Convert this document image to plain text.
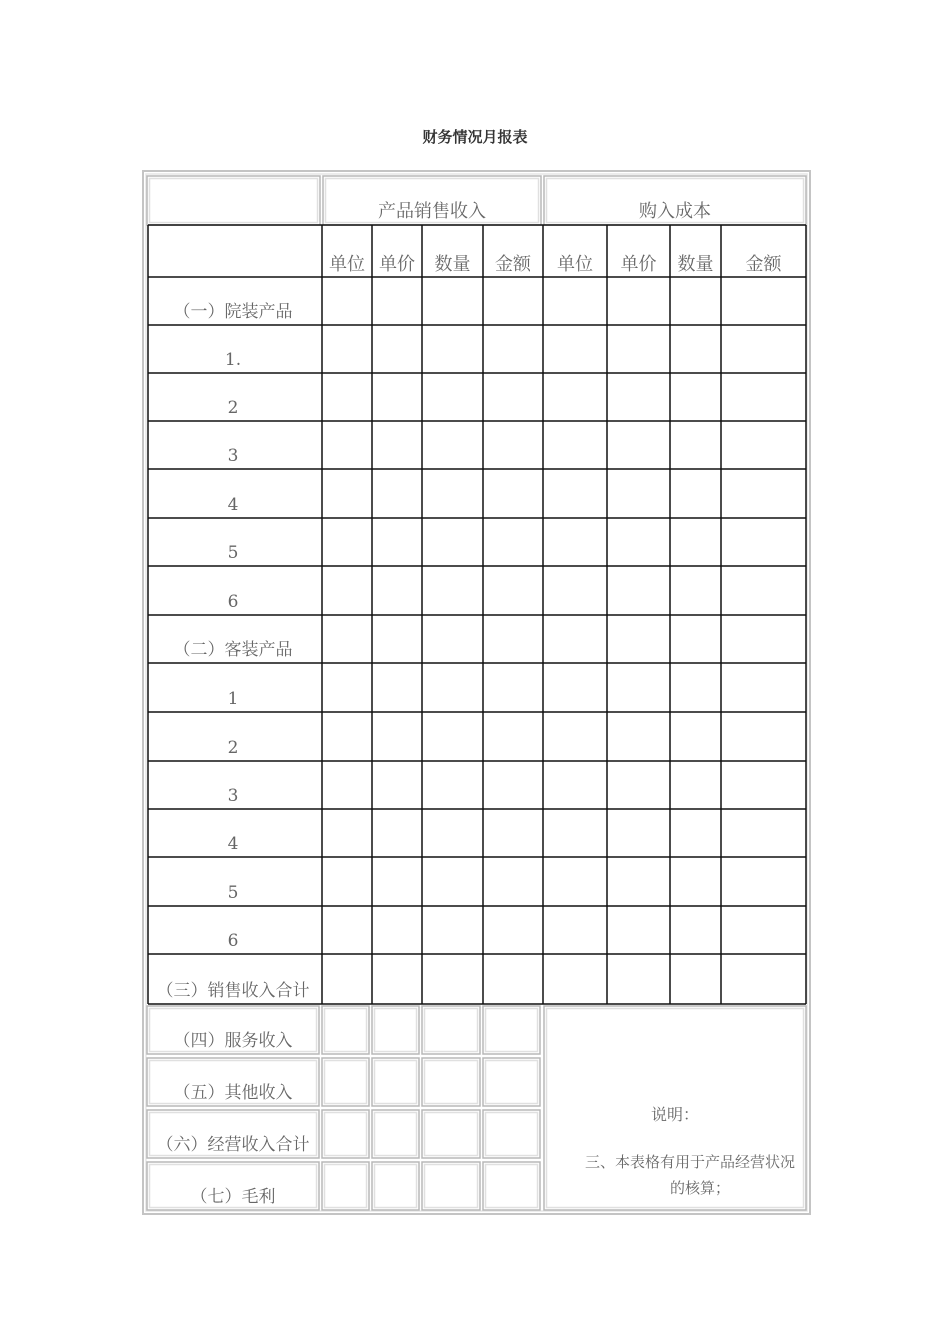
财务情况月报表
产品销售收入	购入成本
单位 单价 数量 金额 单位 单价 数量 金额
（一）院装产品
1.
2
3
4
5
6
（二）客装产品
1
2
3
4
5
6
（三）销售收入合计
（四）服务收入
（五）其他收入
（六）经营收入合计
（七）毛利
说明：
三、本表格有用于产品经营状况
的核算；
